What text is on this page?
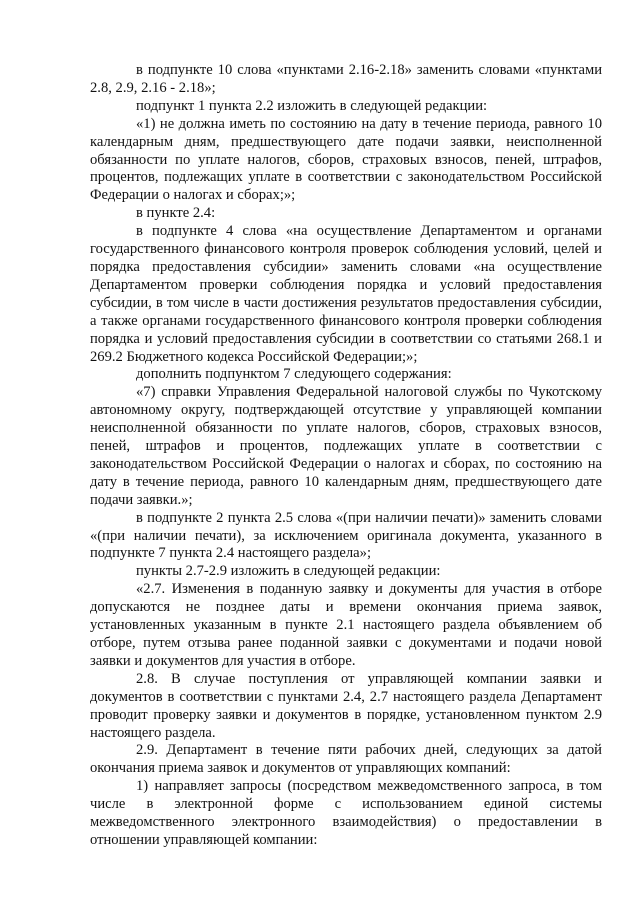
в подпункте 10 слова «пунктами 2.16-2.18» заменить словами «пунктами 2.8, 2.9, 2.16 - 2.18»;

подпункт 1 пункта 2.2 изложить в следующей редакции:

«1) не должна иметь по состоянию на дату в течение периода, равного 10 календарным дням, предшествующего дате подачи заявки, неисполненной обязанности по уплате налогов, сборов, страховых взносов, пеней, штрафов, процентов, подлежащих уплате в соответствии с законодательством Российской Федерации о налогах и сборах;»;

в пункте 2.4:

в подпункте 4 слова «на осуществление Департаментом и органами государственного финансового контроля проверок соблюдения условий, целей и порядка предоставления субсидии» заменить словами «на осуществление Департаментом проверки соблюдения порядка и условий предоставления субсидии, в том числе в части достижения результатов предоставления субсидии, а также органами государственного финансового контроля проверки соблюдения порядка и условий предоставления субсидии в соответствии со статьями 268.1 и 269.2 Бюджетного кодекса Российской Федерации;»;

дополнить подпунктом 7 следующего содержания:

«7) справки Управления Федеральной налоговой службы по Чукотскому автономному округу, подтверждающей отсутствие у управляющей компании неисполненной обязанности по уплате налогов, сборов, страховых взносов, пеней, штрафов и процентов, подлежащих уплате в соответствии с законодательством Российской Федерации о налогах и сборах, по состоянию на дату в течение периода, равного 10 календарным дням, предшествующего дате подачи заявки.»;

в подпункте 2 пункта 2.5 слова «(при наличии печати)» заменить словами «(при наличии печати), за исключением оригинала документа, указанного в подпункте 7 пункта 2.4 настоящего раздела»;

пункты 2.7-2.9 изложить в следующей редакции:

«2.7. Изменения в поданную заявку и документы для участия в отборе допускаются не позднее даты и времени окончания приема заявок, установленных указанным в пункте 2.1 настоящего раздела объявлением об отборе, путем отзыва ранее поданной заявки с документами и подачи новой заявки и документов для участия в отборе.

2.8. В случае поступления от управляющей компании заявки и документов в соответствии с пунктами 2.4, 2.7 настоящего раздела Департамент проводит проверку заявки и документов в порядке, установленном пунктом 2.9 настоящего раздела.

2.9. Департамент в течение пяти рабочих дней, следующих за датой окончания приема заявок и документов от управляющих компаний:

1) направляет запросы (посредством межведомственного запроса, в том числе в электронной форме с использованием единой системы межведомственного электронного взаимодействия) о предоставлении в отношении управляющей компании:
